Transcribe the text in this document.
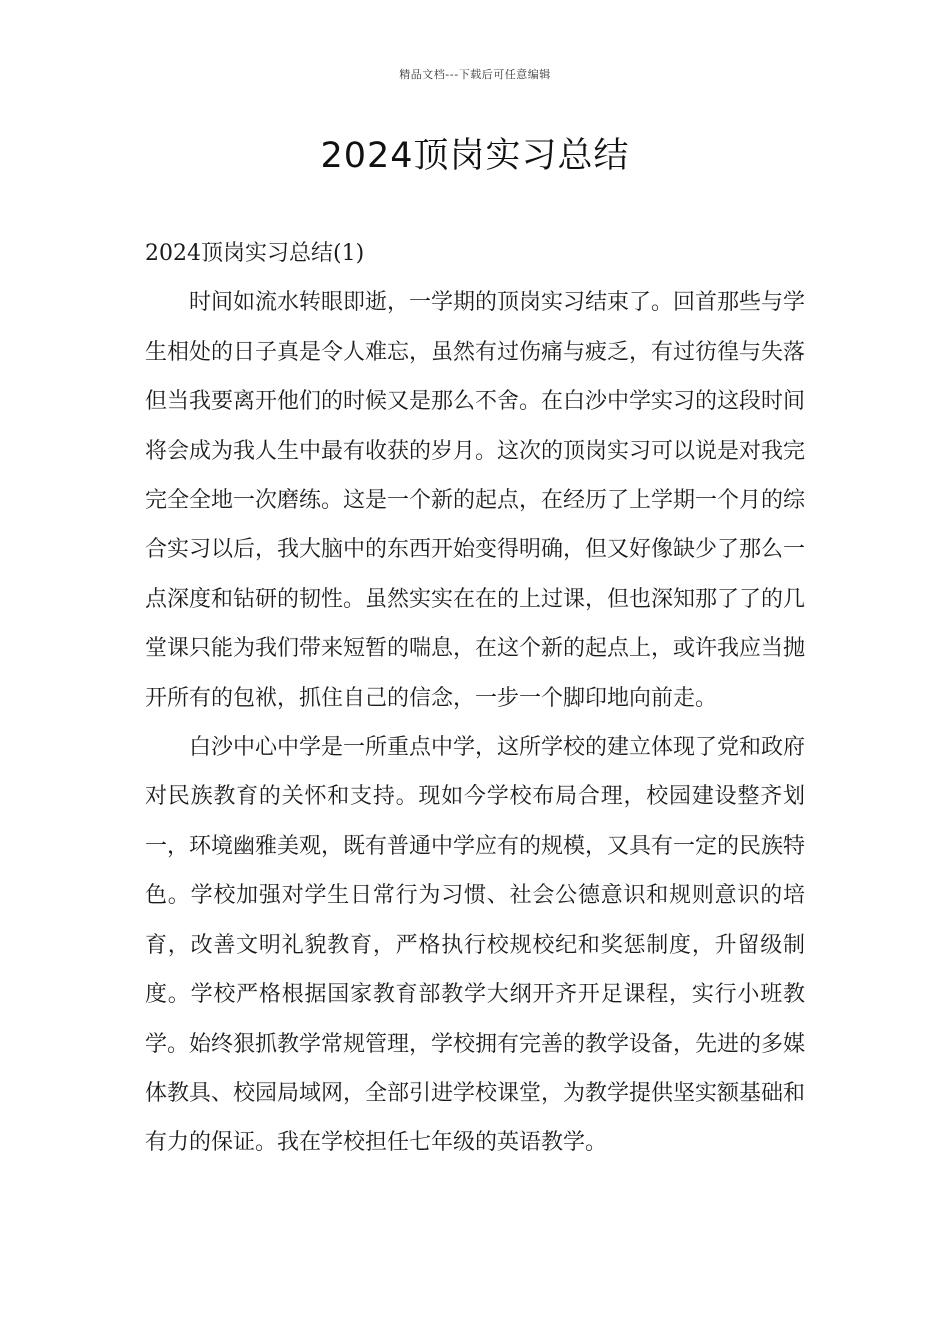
精品文档---下载后可任意编辑
2024顶岗实习总结
2024顶岗实习总结(1)

时间如流水转眼即逝，一学期的顶岗实习结束了。回首那些与学生相处的日子真是令人难忘，虽然有过伤痛与疲乏，有过彷徨与失落但当我要离开他们的时候又是那么不舍。在白沙中学实习的这段时间将会成为我人生中最有收获的岁月。这次的顶岗实习可以说是对我完完全全地一次磨练。这是一个新的起点，在经历了上学期一个月的综合实习以后，我大脑中的东西开始变得明确，但又好像缺少了那么一点深度和钻研的韧性。虽然实实在在的上过课，但也深知那了了的几堂课只能为我们带来短暂的喘息，在这个新的起点上，或许我应当抛开所有的包袱，抓住自己的信念，一步一个脚印地向前走。

白沙中心中学是一所重点中学，这所学校的建立体现了党和政府对民族教育的关怀和支持。现如今学校布局合理，校园建设整齐划一，环境幽雅美观，既有普通中学应有的规模，又具有一定的民族特色。学校加强对学生日常行为习惯、社会公德意识和规则意识的培育，改善文明礼貌教育，严格执行校规校纪和奖惩制度，升留级制度。学校严格根据国家教育部教学大纲开齐开足课程，实行小班教学。始终狠抓教学常规管理，学校拥有完善的教学设备，先进的多媒体教具、校园局域网，全部引进学校课堂，为教学提供坚实额基础和有力的保证。我在学校担任七年级的英语教学。
